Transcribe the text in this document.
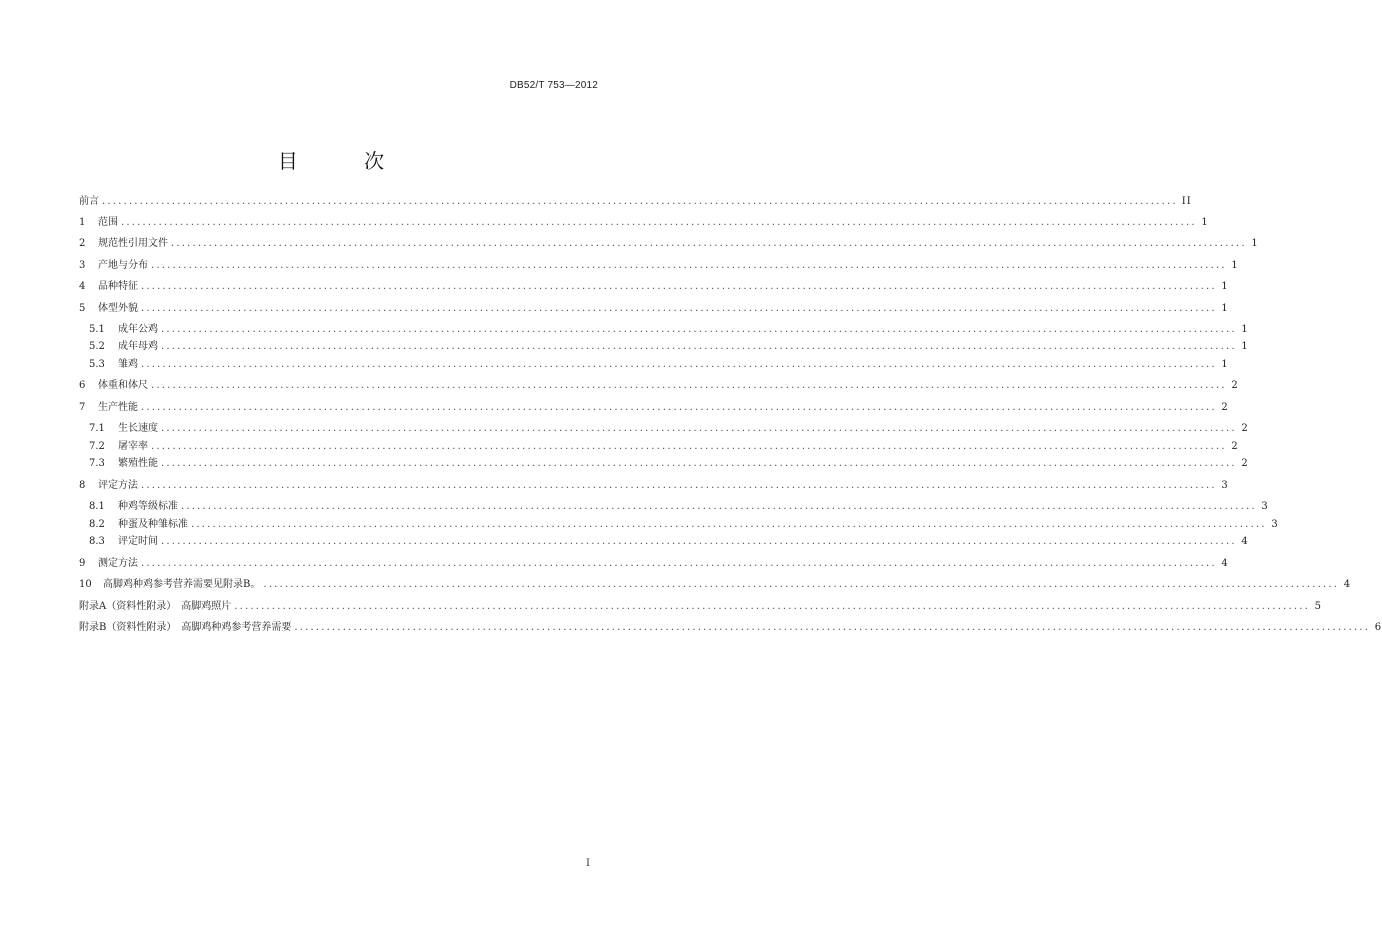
DB52/T 753—2012
目 次
前言 ........................................................................................................................................................................................................ II
1	范围 ........................................................................................................................................................................................................ 1
2	规范性引用文件 ........................................................................................................................................................................................................ 1
3	产地与分布 ........................................................................................................................................................................................................ 1
4	品种特征 ........................................................................................................................................................................................................ 1
5	体型外貌 ........................................................................................................................................................................................................ 1
5.1	成年公鸡 ........................................................................................................................................................................................................ 1
5.2	成年母鸡 ........................................................................................................................................................................................................ 1
5.3	雏鸡 ........................................................................................................................................................................................................ 1
6	体重和体尺 ........................................................................................................................................................................................................ 2
7	生产性能 ........................................................................................................................................................................................................ 2
7.1	生长速度 ........................................................................................................................................................................................................ 2
7.2	屠宰率 ........................................................................................................................................................................................................ 2
7.3	繁殖性能 ........................................................................................................................................................................................................ 2
8	评定方法 ........................................................................................................................................................................................................ 3
8.1	种鸡等级标准 ........................................................................................................................................................................................................ 3
8.2	种蛋及种雏标准 ........................................................................................................................................................................................................ 3
8.3	评定时间 ........................................................................................................................................................................................................ 4
9	测定方法 ........................................................................................................................................................................................................ 4
10	高脚鸡种鸡参考营养需要见附录B。 ........................................................................................................................................................................................................ 4
附录A（资料性附录）　高脚鸡照片 ........................................................................................................................................................................................................ 5
附录B（资料性附录）　高脚鸡种鸡参考营养需要 ........................................................................................................................................................................................................ 6
I
